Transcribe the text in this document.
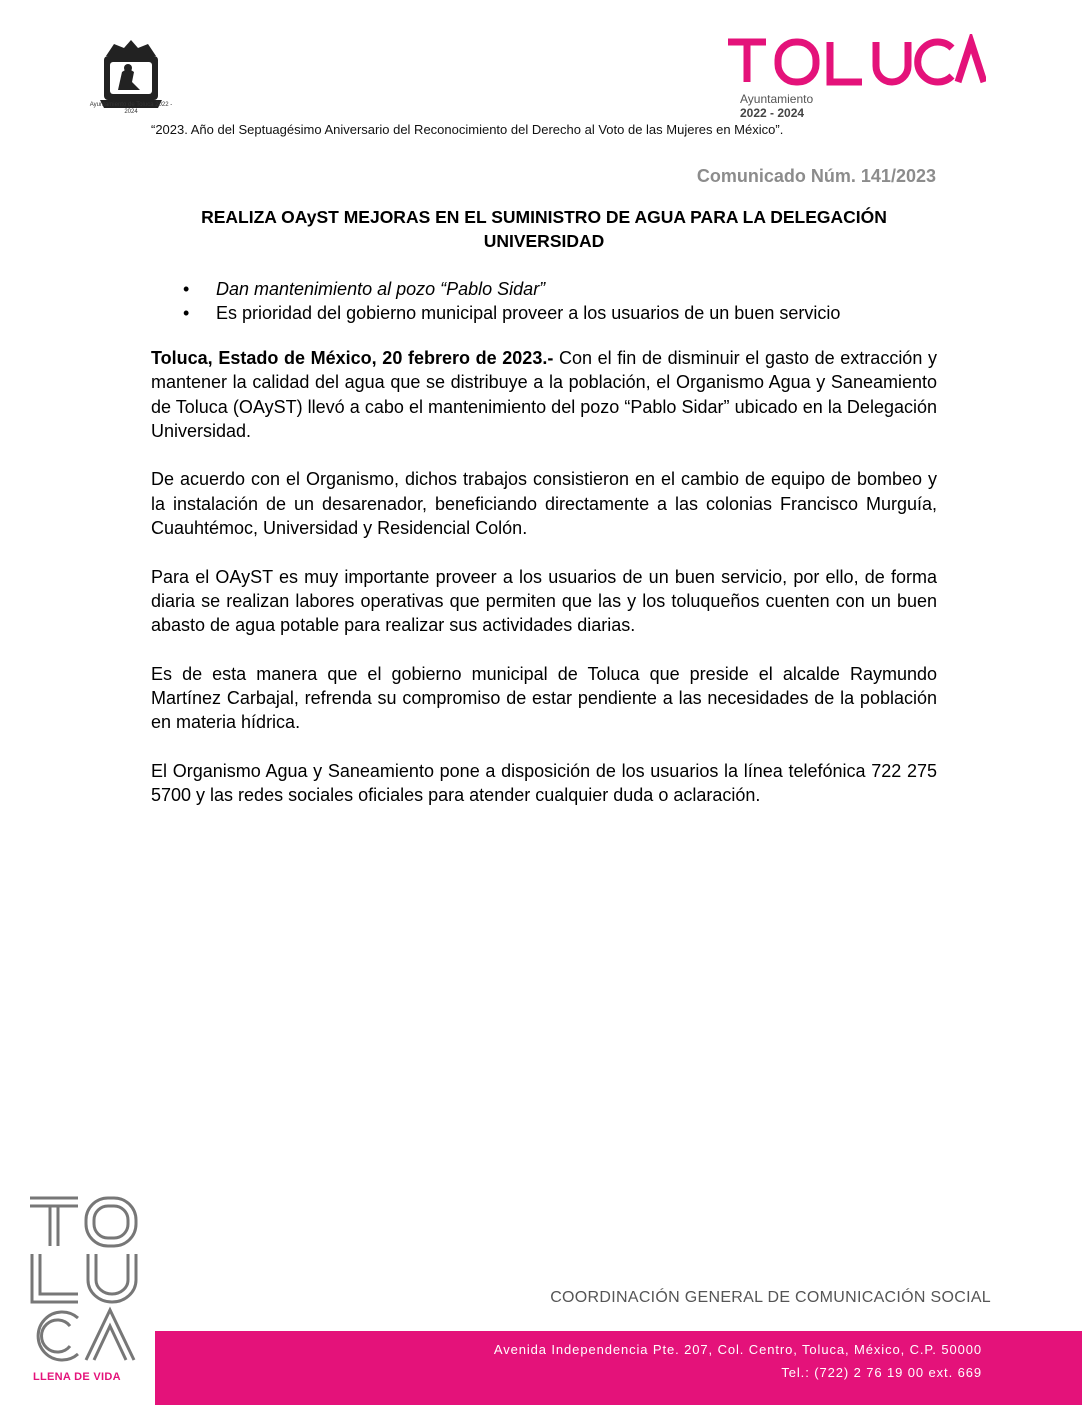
Ayuntamiento de Toluca 2022 - 2024
Ayuntamiento
2022 - 2024
“2023. Año del Septuagésimo Aniversario del Reconocimiento del Derecho al Voto de las Mujeres en México”.
Comunicado Núm. 141/2023
REALIZA OAyST MEJORAS EN EL SUMINISTRO DE AGUA PARA LA DELEGACIÓN UNIVERSIDAD
• Dan mantenimiento al pozo “Pablo Sidar”
• Es prioridad del gobierno municipal proveer a los usuarios de un buen servicio

Toluca, Estado de México, 20 febrero de 2023.- Con el fin de disminuir el gasto de extracción y mantener la calidad del agua que se distribuye a la población, el Organismo Agua y Saneamiento de Toluca (OAyST) llevó a cabo el mantenimiento del pozo “Pablo Sidar” ubicado en la Delegación Universidad.

De acuerdo con el Organismo, dichos trabajos consistieron en el cambio de equipo de bombeo y la instalación de un desarenador, beneficiando directamente a las colonias Francisco Murguía, Cuauhtémoc, Universidad y Residencial Colón.

Para el OAyST es muy importante proveer a los usuarios de un buen servicio, por ello, de forma diaria se realizan labores operativas que permiten que las y los toluqueños cuenten con un buen abasto de agua potable para realizar sus actividades diarias.

Es de esta manera que el gobierno municipal de Toluca que preside el alcalde Raymundo Martínez Carbajal, refrenda su compromiso de estar pendiente a las necesidades de la población en materia hídrica.

El Organismo Agua y Saneamiento pone a disposición de los usuarios la línea telefónica 722 275 5700 y las redes sociales oficiales para atender cualquier duda o aclaración.

LLENA DE VIDA
COORDINACIÓN GENERAL DE COMUNICACIÓN SOCIAL
Avenida Independencia Pte. 207, Col. Centro, Toluca, México, C.P. 50000
Tel.: (722) 2 76 19 00 ext. 669
